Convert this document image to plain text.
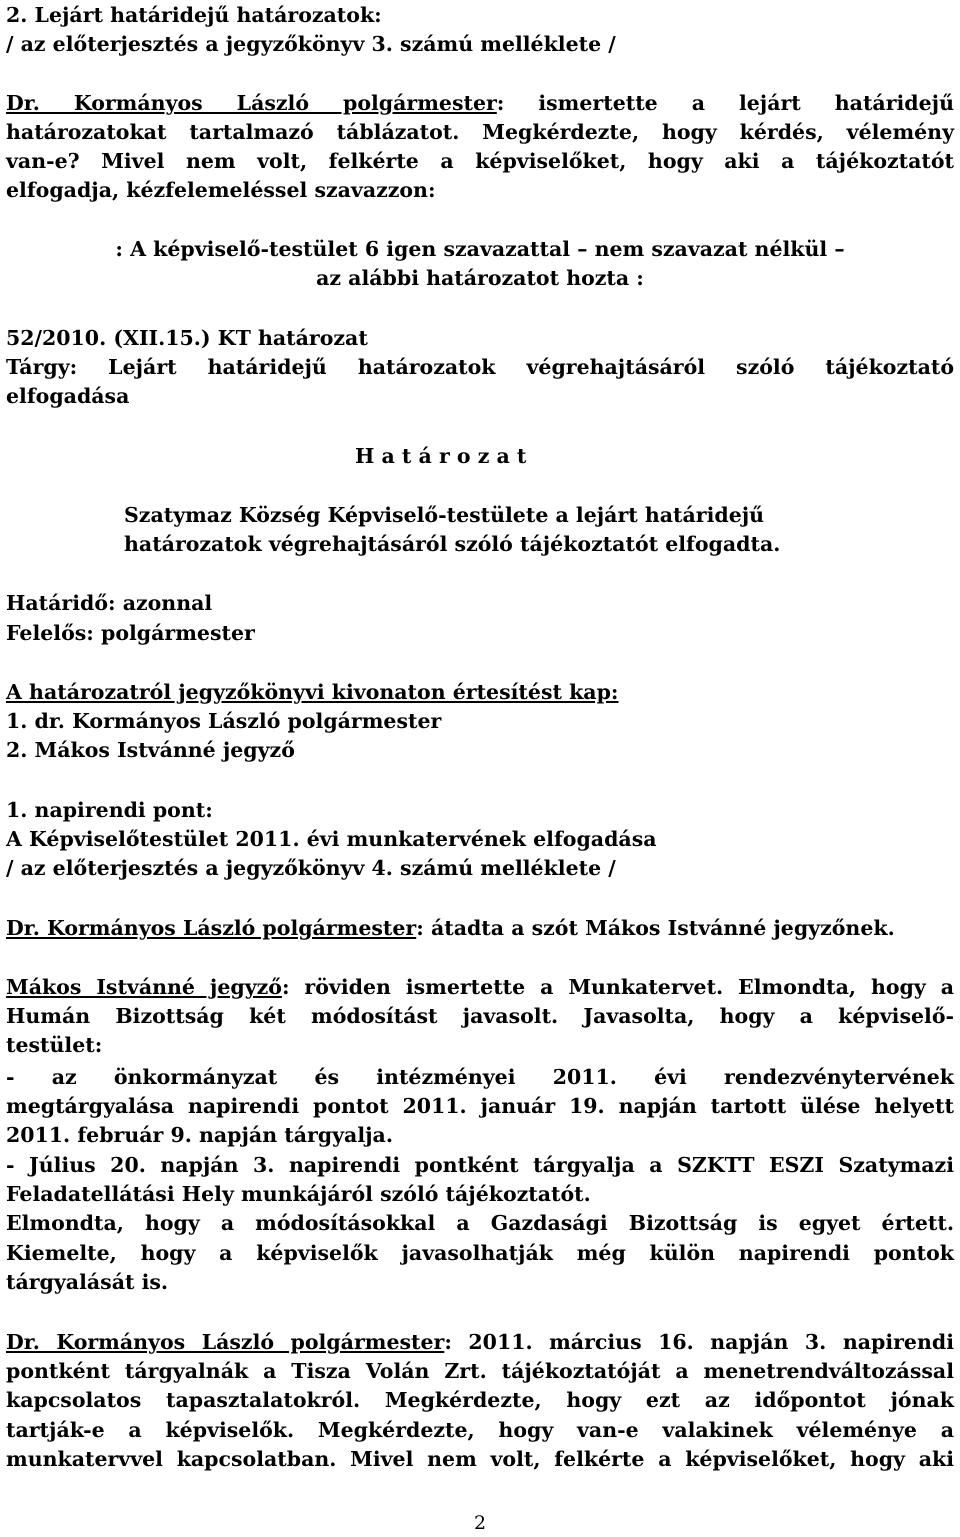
2. Lejárt határidejű határozatok:
/ az előterjesztés a jegyzőkönyv 3. számú melléklete /
Dr. Kormányos László polgármester: ismertette a lejárt határidejű
határozatokat tartalmazó táblázatot. Megkérdezte, hogy kérdés, vélemény
van-e? Mivel nem volt, felkérte a képviselőket, hogy aki a tájékoztatót
elfogadja, kézfelemeléssel szavazzon:
: A képviselő-testület 6 igen szavazattal – nem szavazat nélkül –
az alábbi határozatot hozta :
52/2010. (XII.15.) KT határozat
Tárgy: Lejárt határidejű határozatok végrehajtásáról szóló tájékoztató
elfogadása
H a t á r o z a t
Szatymaz Község Képviselő-testülete a lejárt határidejű
határozatok végrehajtásáról szóló tájékoztatót elfogadta.
Határidő: azonnal
Felelős: polgármester
A határozatról jegyzőkönyvi kivonaton értesítést kap:
1. dr. Kormányos László polgármester
2. Mákos Istvánné jegyző
1. napirendi pont:
A Képviselőtestület 2011. évi munkatervének elfogadása
/ az előterjesztés a jegyzőkönyv 4. számú melléklete /
Dr. Kormányos László polgármester: átadta a szót Mákos Istvánné jegyzőnek.
Mákos Istvánné jegyző: röviden ismertette a Munkatervet. Elmondta, hogy a
Humán Bizottság két módosítást javasolt. Javasolta, hogy a képviselő-
testület:
- az önkormányzat és intézményei 2011. évi rendezvénytervének
megtárgyalása napirendi pontot 2011. január 19. napján tartott ülése helyett
2011. február 9. napján tárgyalja.
- Július 20. napján 3. napirendi pontként tárgyalja a SZKTT ESZI Szatymazi
Feladatellátási Hely munkájáról szóló tájékoztatót.
Elmondta, hogy a módosításokkal a Gazdasági Bizottság is egyet értett.
Kiemelte, hogy a képviselők javasolhatják még külön napirendi pontok
tárgyalását is.
Dr. Kormányos László polgármester: 2011. március 16. napján 3. napirendi
pontként tárgyalnák a Tisza Volán Zrt. tájékoztatóját a menetrendváltozással
kapcsolatos tapasztalatokról. Megkérdezte, hogy ezt az időpontot jónak
tartják-e a képviselők. Megkérdezte, hogy van-e valakinek véleménye a
munkatervvel kapcsolatban. Mivel nem volt, felkérte a képviselőket, hogy aki
2
